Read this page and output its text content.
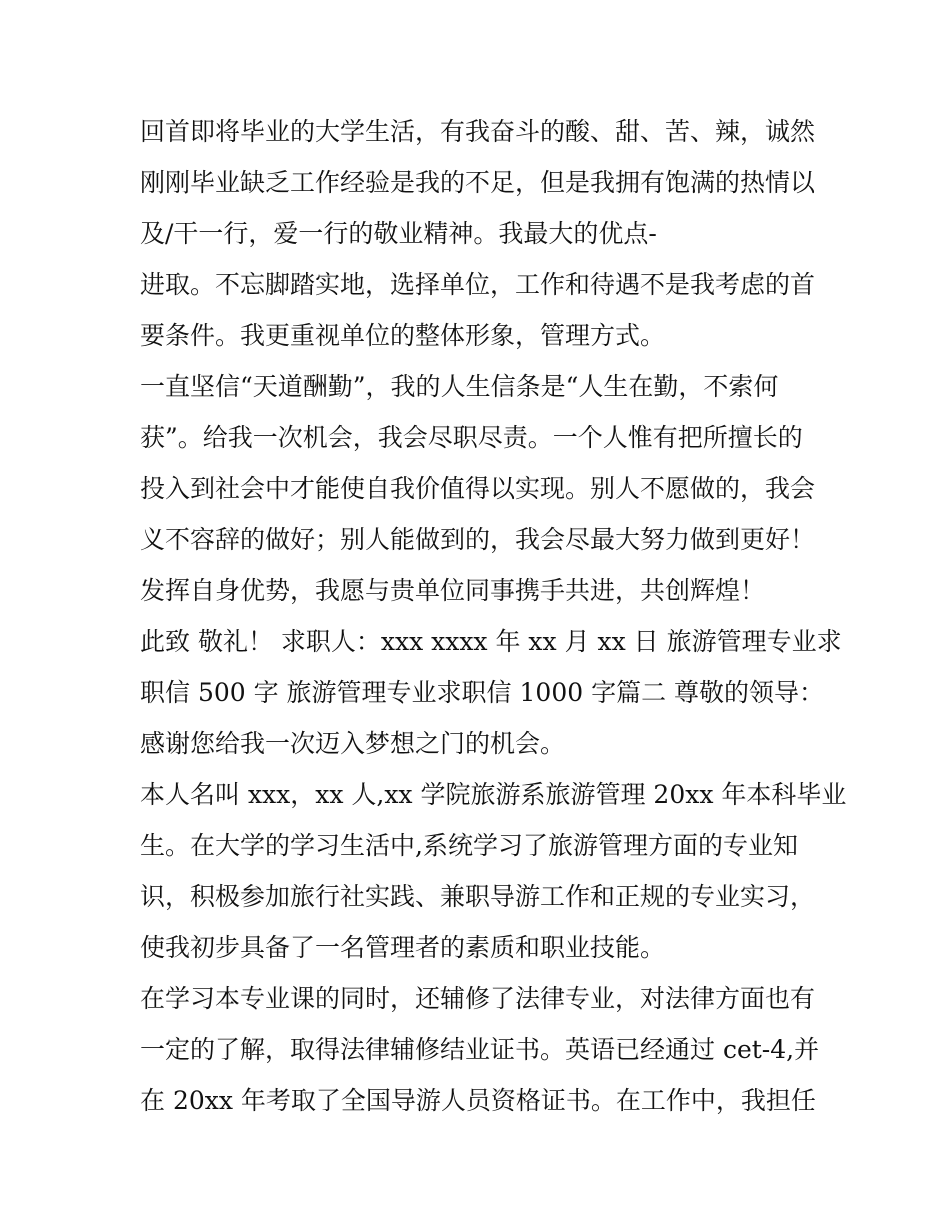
回首即将毕业的大学生活，有我奋斗的酸、甜、苦、辣，诚然
刚刚毕业缺乏工作经验是我的不足，但是我拥有饱满的热情以
及/干一行，爱一行的敬业精神。我最大的优点-
进取。不忘脚踏实地，选择单位，工作和待遇不是我考虑的首
要条件。我更重视单位的整体形象，管理方式。
一直坚信“天道酬勤”，我的人生信条是“人生在勤，不索何
获”。给我一次机会，我会尽职尽责。一个人惟有把所擅长的
投入到社会中才能使自我价值得以实现。别人不愿做的，我会
义不容辞的做好；别人能做到的，我会尽最大努力做到更好！
发挥自身优势，我愿与贵单位同事携手共进，共创辉煌！
此致 敬礼！ 求职人：xxx xxxx 年 xx 月 xx 日 旅游管理专业求
职信 500 字 旅游管理专业求职信 1000 字篇二 尊敬的领导：
感谢您给我一次迈入梦想之门的机会。
本人名叫 xxx，xx 人,xx 学院旅游系旅游管理 20xx 年本科毕业
生。在大学的学习生活中,系统学习了旅游管理方面的专业知
识，积极参加旅行社实践、兼职导游工作和正规的专业实习，
使我初步具备了一名管理者的素质和职业技能。
在学习本专业课的同时，还辅修了法律专业，对法律方面也有
一定的了解，取得法律辅修结业证书。英语已经通过 cet-4,并
在 20xx 年考取了全国导游人员资格证书。在工作中，我担任
